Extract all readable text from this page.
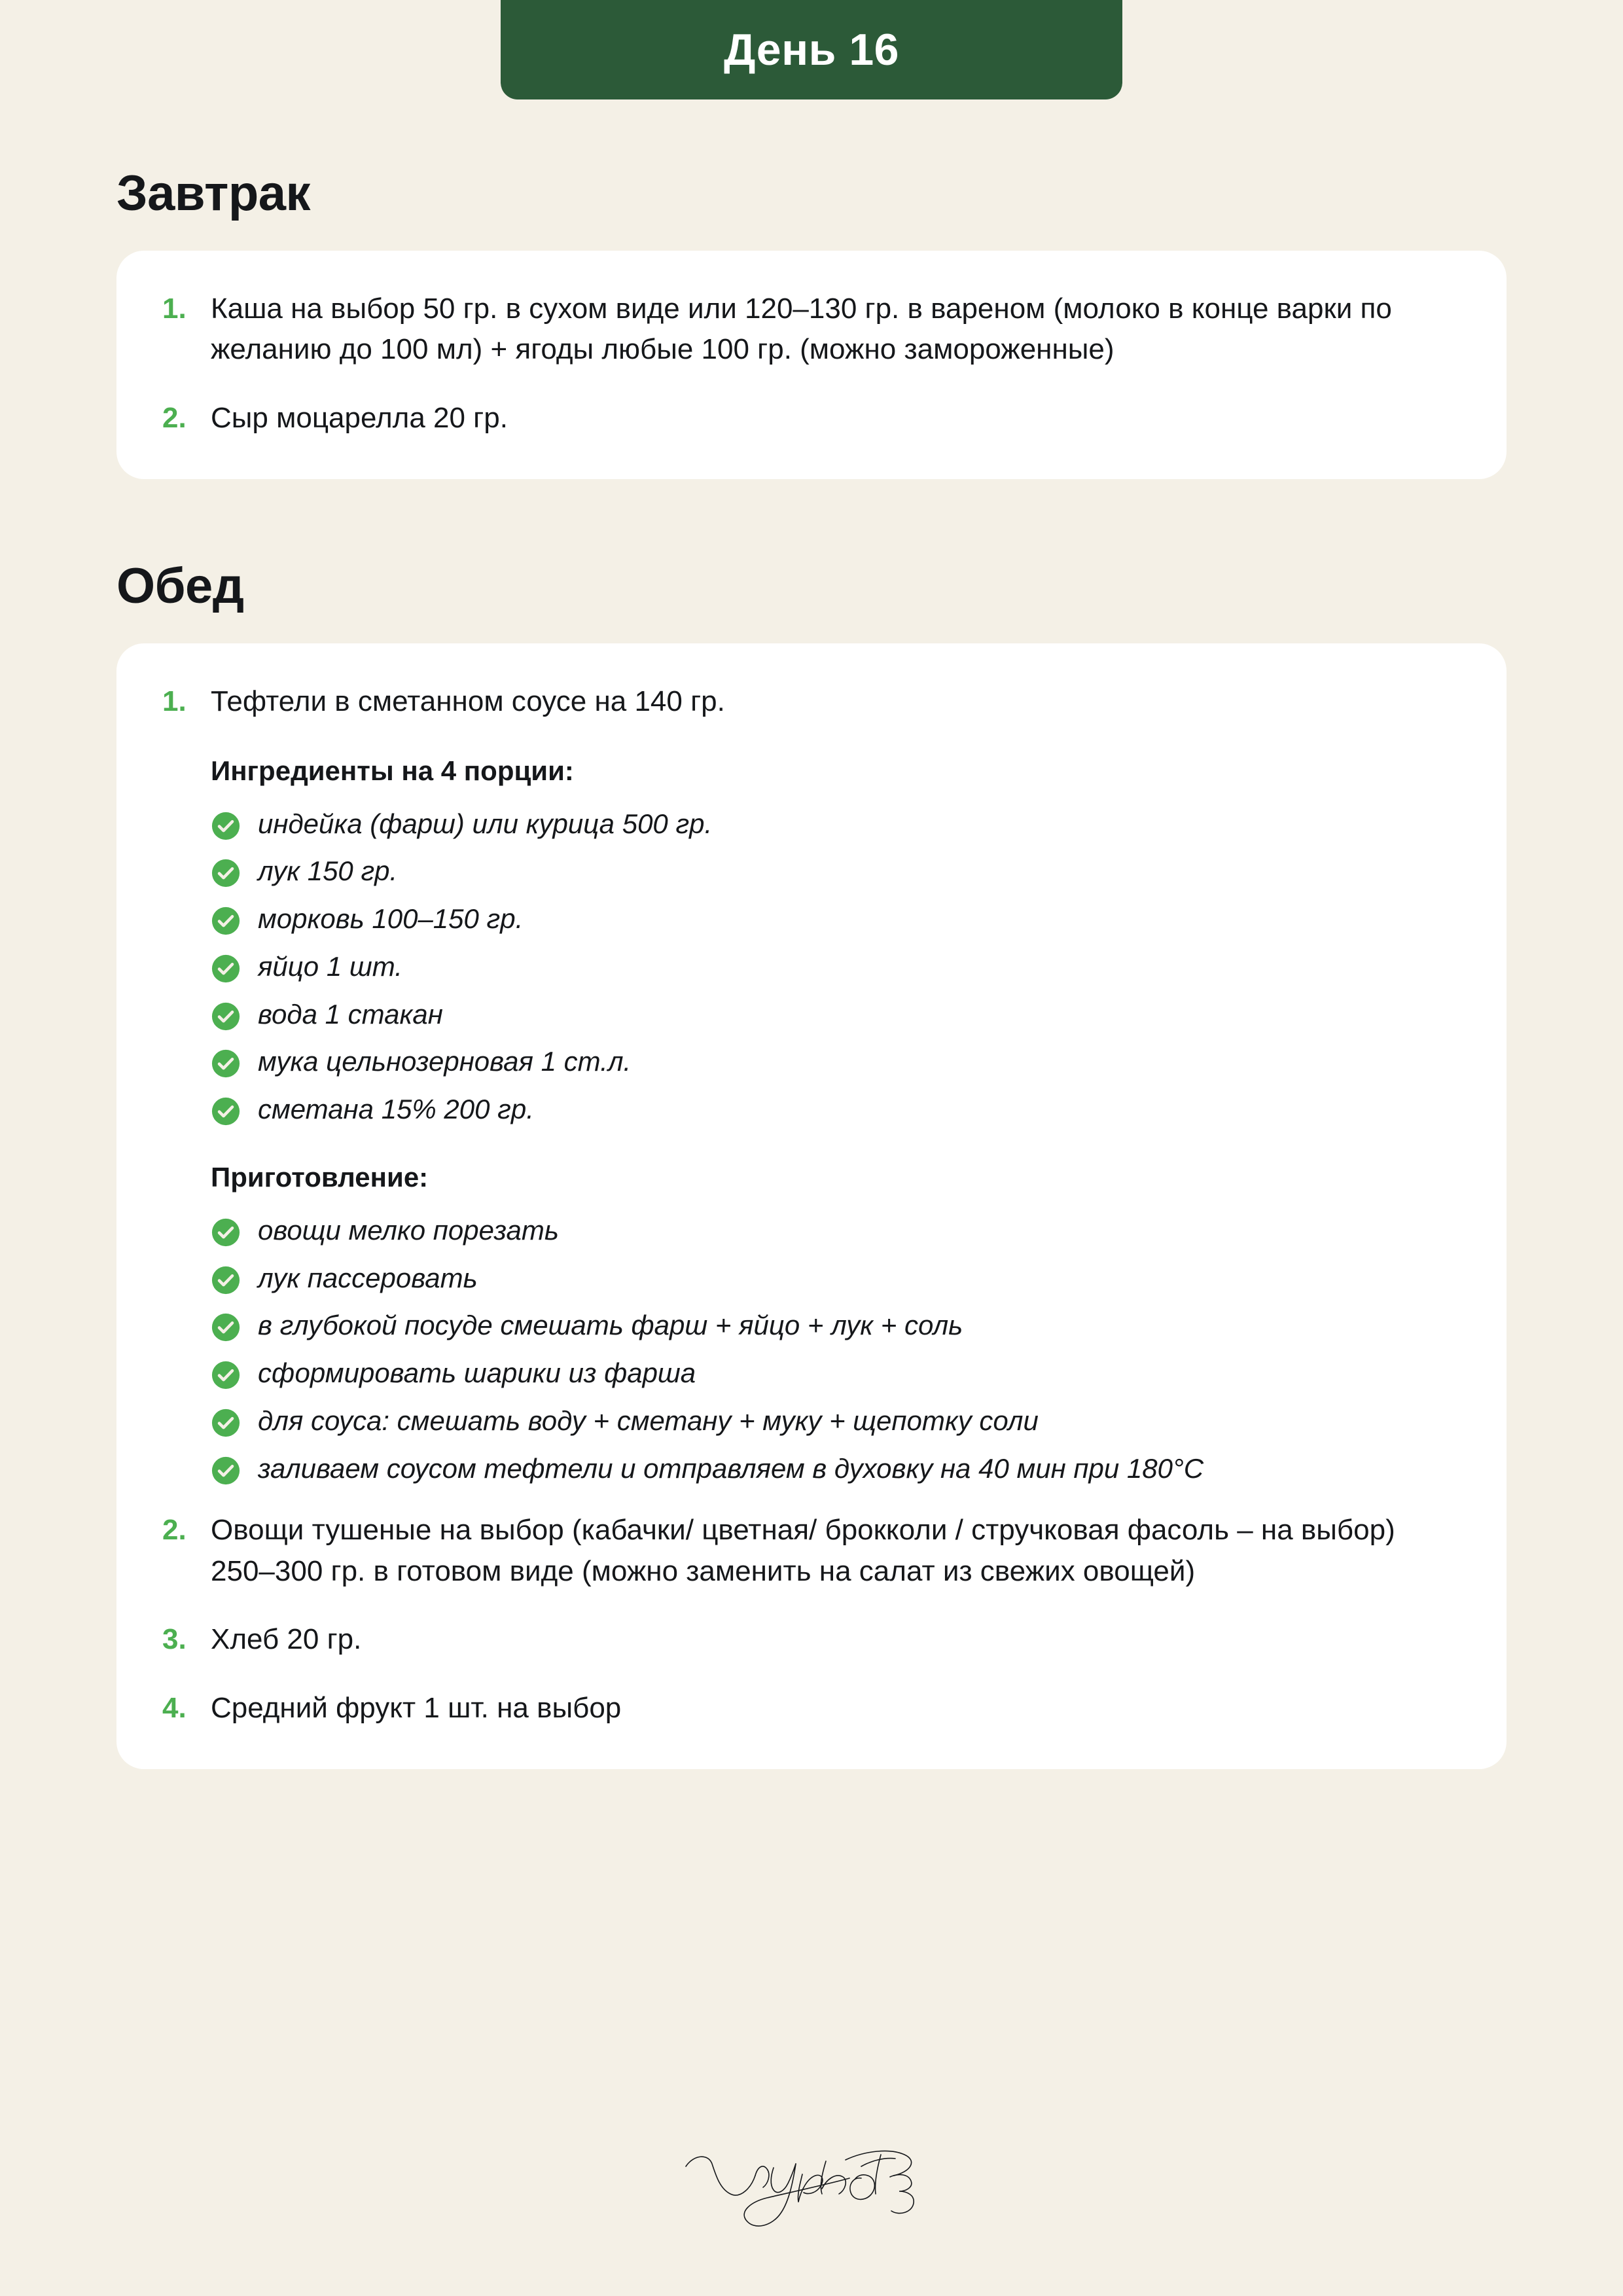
День 16
Завтрак
1. Каша на выбор 50 гр. в сухом виде или 120–130 гр. в вареном (молоко в конце варки по желанию до 100 мл) + ягоды любые 100 гр. (можно замороженные)
2. Сыр моцарелла 20 гр.
Обед
1. Тефтели в сметанном соусе на 140 гр.
Ингредиенты на 4 порции:
индейка (фарш) или курица 500 гр.
лук 150 гр.
морковь 100–150 гр.
яйцо 1 шт.
вода 1 стакан
мука цельнозерновая 1 ст.л.
сметана 15% 200 гр.
Приготовление:
овощи мелко порезать
лук пассеровать
в глубокой посуде смешать фарш + яйцо + лук + соль
сформировать шарики из фарша
для соуса: смешать воду + сметану + муку + щепотку соли
заливаем соусом тефтели и отправляем в духовку на 40 мин при 180°C
2. Овощи тушеные на выбор (кабачки/ цветная/ брокколи / стручковая фасоль – на выбор) 250–300 гр. в готовом виде (можно заменить на салат из свежих овощей)
3. Хлеб 20 гр.
4. Средний фрукт 1 шт. на выбор
